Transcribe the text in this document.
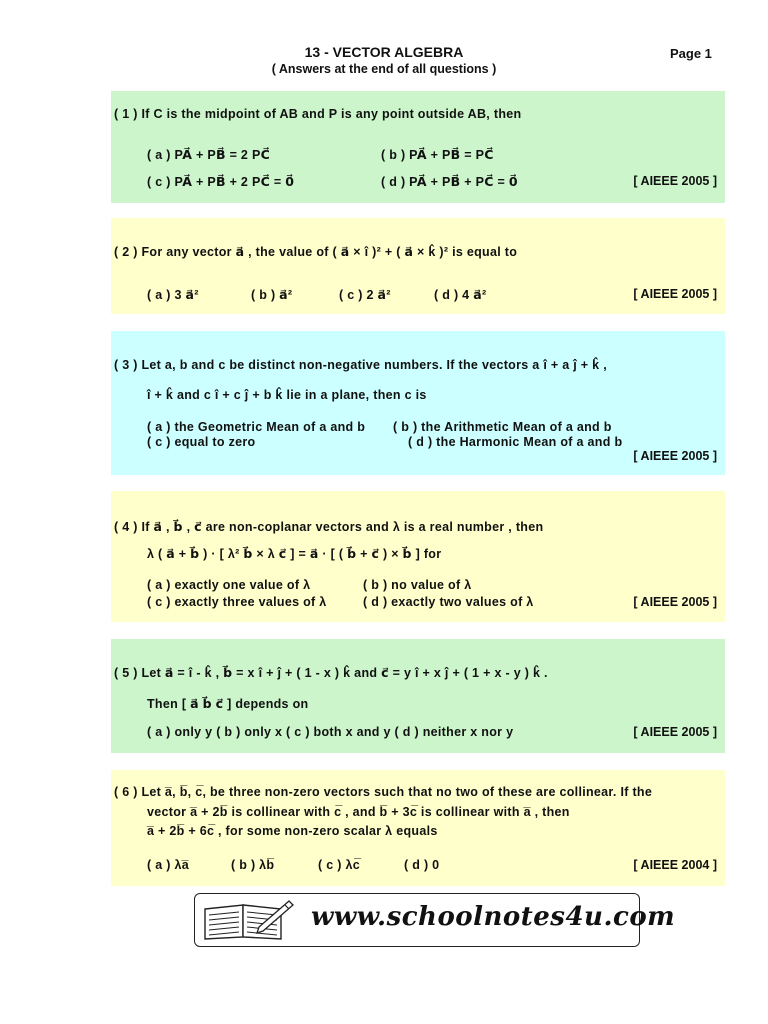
13 - VECTOR ALGEBRA
( Answers at the end of all questions )
Page 1
( 1 ) If C is the midpoint of AB and P is any point outside AB, then
( a ) PA⃗ + PB⃗ = 2 PC⃗	( b ) PA⃗ + PB⃗ = PC⃗
( c ) PA⃗ + PB⃗ + 2 PC⃗ = 0⃗	( d ) PA⃗ + PB⃗ + PC⃗ = 0⃗	[ AIEEE 2005 ]
( 2 ) For any vector a⃗ , the value of ( a⃗ × î )² + ( a⃗ × k̂ )² is equal to
( a ) 3 a⃗²	( b ) a⃗²	( c ) 2 a⃗²	( d ) 4 a⃗²	[ AIEEE 2005 ]
( 3 ) Let a, b and c be distinct non-negative numbers. If the vectors a î + a ĵ + k̂ ,
î + k̂ and c î + c ĵ + b k̂ lie in a plane, then c is
( a ) the Geometric Mean of a and b ( b ) the Arithmetic Mean of a and b
( c ) equal to zero	( d ) the Harmonic Mean of a and b
[ AIEEE 2005 ]
( 4 ) If a⃗ , b⃗ , c⃗ are non-coplanar vectors and λ is a real number , then
λ ( a⃗ + b⃗ ) · [ λ² b⃗ × λ c⃗ ] = a⃗ · [ ( b⃗ + c⃗ ) × b⃗ ] for
( a ) exactly one value of λ	( b ) no value of λ
( c ) exactly three values of λ	( d ) exactly two values of λ	[ AIEEE 2005 ]
( 5 ) Let a⃗ = î - k̂ , b⃗ = x î + ĵ + ( 1 - x ) k̂ and c⃗ = y î + x ĵ + ( 1 + x - y ) k̂ .
Then [ a⃗ b⃗ c⃗ ] depends on
( a ) only y ( b ) only x ( c ) both x and y ( d ) neither x nor y	[ AIEEE 2005 ]
( 6 ) Let a̅, b̅, c̅, be three non-zero vectors such that no two of these are collinear. If the
vector a̅ + 2b̅ is collinear with c̅ , and b̅ + 3c̅ is collinear with a̅ , then
a̅ + 2b̅ + 6c̅ , for some non-zero scalar λ equals
( a ) λa̅	( b ) λb̅	( c ) λc̅	( d ) 0	[ AIEEE 2004 ]
www.schoolnotes4u.com
